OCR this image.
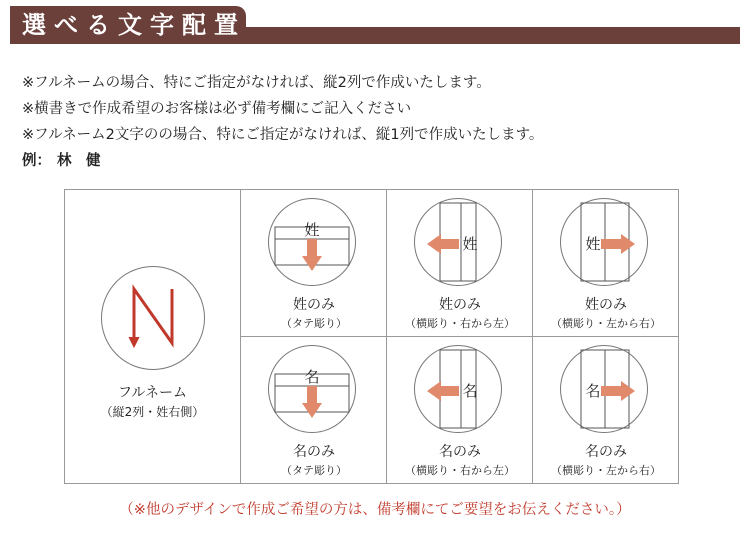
選べる文字配置
※フルネームの場合、特にご指定がなければ、縦2列で作成いたします。
※横書きで作成希望のお客様は必ず備考欄にご記入ください
※フルネーム2文字のの場合、特にご指定がなければ、縦1列で作成いたします。
例： 林　健
フルネーム
（縦2列・姓右側）
姓
姓のみ
（タテ彫り）
姓
姓のみ
（横彫り・右から左）
姓
姓のみ
（横彫り・左から右）
名
名のみ
（タテ彫り）
名
名のみ
（横彫り・右から左）
名
名のみ
（横彫り・左から右）
（※他のデザインで作成ご希望の方は、備考欄にてご要望をお伝えください。）
